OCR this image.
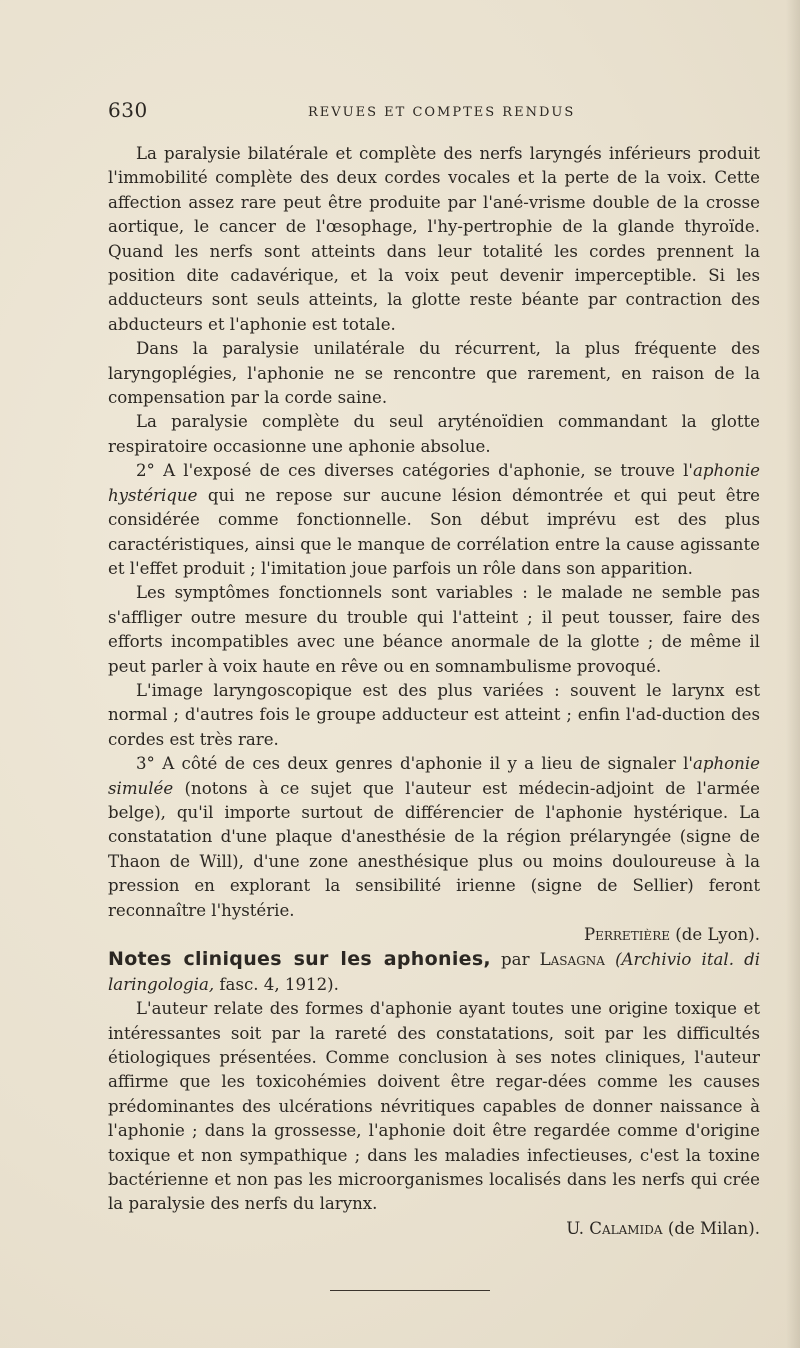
630	REVUES ET COMPTES RENDUS

La paralysie bilatérale et complète des nerfs laryngés inférieurs produit l'immobilité complète des deux cordes vocales et la perte de la voix. Cette affection assez rare peut être produite par l'ané-vrisme double de la crosse aortique, le cancer de l'œsophage, l'hy-pertrophie de la glande thyroïde. Quand les nerfs sont atteints dans leur totalité les cordes prennent la position dite cadavérique, et la voix peut devenir imperceptible. Si les adducteurs sont seuls atteints, la glotte reste béante par contraction des abducteurs et l'aphonie est totale.

Dans la paralysie unilatérale du récurrent, la plus fréquente des laryngoplégies, l'aphonie ne se rencontre que rarement, en raison de la compensation par la corde saine.

La paralysie complète du seul aryténoïdien commandant la glotte respiratoire occasionne une aphonie absolue.

2° A l'exposé de ces diverses catégories d'aphonie, se trouve l'aphonie hystérique qui ne repose sur aucune lésion démontrée et qui peut être considérée comme fonctionnelle. Son début imprévu est des plus caractéristiques, ainsi que le manque de corrélation entre la cause agissante et l'effet produit ; l'imitation joue parfois un rôle dans son apparition.

Les symptômes fonctionnels sont variables : le malade ne semble pas s'affliger outre mesure du trouble qui l'atteint ; il peut tousser, faire des efforts incompatibles avec une béance anormale de la glotte ; de même il peut parler à voix haute en rêve ou en somnambulisme provoqué.

L'image laryngoscopique est des plus variées : souvent le larynx est normal ; d'autres fois le groupe adducteur est atteint ; enfin l'ad-duction des cordes est très rare.

3° A côté de ces deux genres d'aphonie il y a lieu de signaler l'aphonie simulée (notons à ce sujet que l'auteur est médecin-adjoint de l'armée belge), qu'il importe surtout de différencier de l'aphonie hystérique. La constatation d'une plaque d'anesthésie de la région prélaryngée (signe de Thaon de Will), d'une zone anesthésique plus ou moins douloureuse à la pression en explorant la sensibilité irienne (signe de Sellier) feront reconnaître l'hystérie.

Perretière (de Lyon).

Notes cliniques sur les aphonies, par Lasagna (Archivio ital. di laringologia, fasc. 4, 1912).

L'auteur relate des formes d'aphonie ayant toutes une origine toxique et intéressantes soit par la rareté des constatations, soit par les difficultés étiologiques présentées. Comme conclusion à ses notes cliniques, l'auteur affirme que les toxicohémies doivent être regar-dées comme les causes prédominantes des ulcérations névritiques capables de donner naissance à l'aphonie ; dans la grossesse, l'aphonie doit être regardée comme d'origine toxique et non sympathique ; dans les maladies infectieuses, c'est la toxine bactérienne et non pas les microorganismes localisés dans les nerfs qui crée la paralysie des nerfs du larynx.

U. Calamida (de Milan).
